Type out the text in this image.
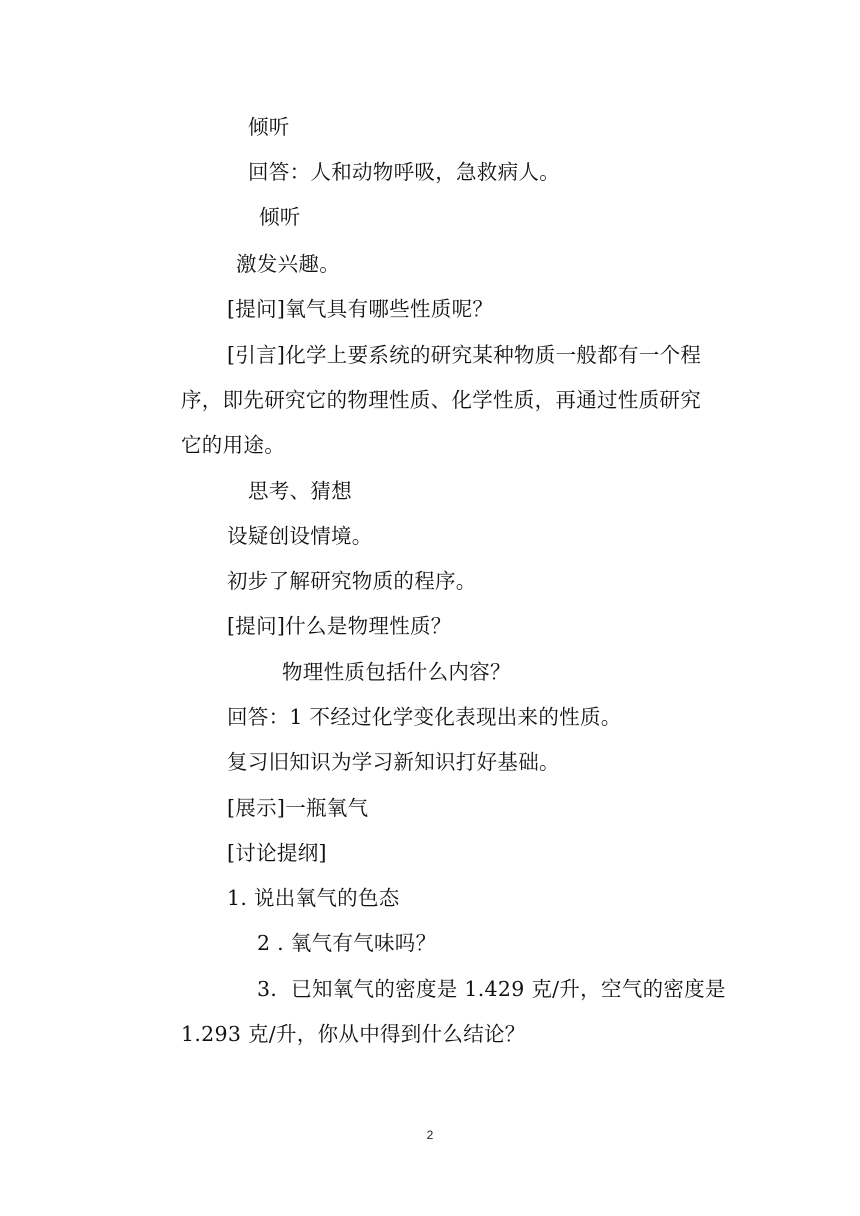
倾听
回答：人和动物呼吸，急救病人。
倾听
激发兴趣。
[提问]氧气具有哪些性质呢？
[引言]化学上要系统的研究某种物质一般都有一个程
序，即先研究它的物理性质、化学性质，再通过性质研究
它的用途。
思考、猜想
设疑创设情境。
初步了解研究物质的程序。
[提问]什么是物理性质？
物理性质包括什么内容？
回答：1 不经过化学变化表现出来的性质。
复习旧知识为学习新知识打好基础。
[展示]一瓶氧气
[讨论提纲]
1. 说出氧气的色态
2 . 氧气有气味吗？
3．已知氧气的密度是 1.429 克/升，空气的密度是
1.293 克/升，你从中得到什么结论？
2
